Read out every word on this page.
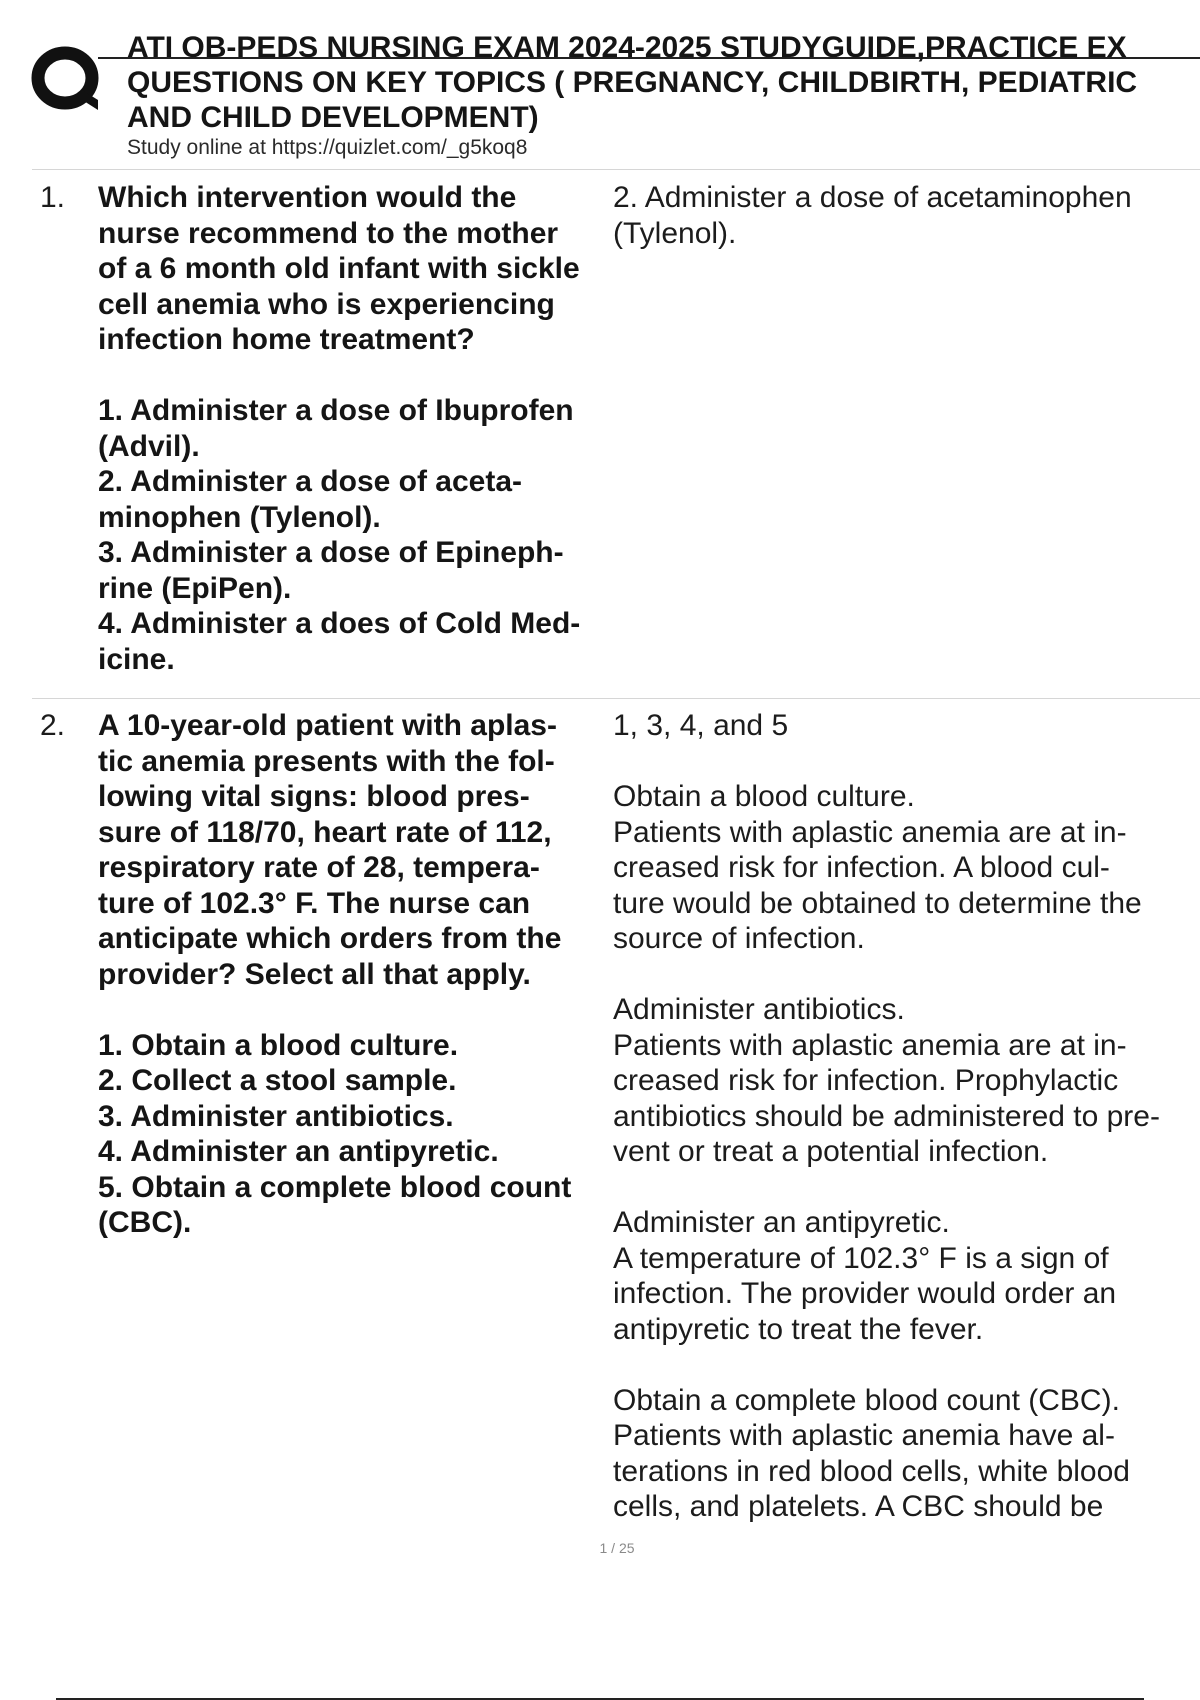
ATI OB-PEDS NURSING EXAM 2024-2025 STUDYGUIDE,PRACTICE EX
QUESTIONS ON KEY TOPICS ( PREGNANCY, CHILDBIRTH, PEDIATRIC
AND CHILD DEVELOPMENT)
Study online at https://quizlet.com/_g5koq8
1. Which intervention would the
nurse recommend to the mother
of a 6 month old infant with sickle
cell anemia who is experiencing
infection home treatment?
1. Administer a dose of Ibuprofen
(Advil).
2. Administer a dose of aceta-
minophen (Tylenol).
3. Administer a dose of Epineph-
rine (EpiPen).
4. Administer a does of Cold Med-
icine.
2. Administer a dose of acetaminophen
(Tylenol).
2. A 10-year-old patient with aplas-
tic anemia presents with the fol-
lowing vital signs: blood pres-
sure of 118/70, heart rate of 112,
respiratory rate of 28, tempera-
ture of 102.3° F. The nurse can
anticipate which orders from the
provider? Select all that apply.
1. Obtain a blood culture.
2. Collect a stool sample.
3. Administer antibiotics.
4. Administer an antipyretic.
5. Obtain a complete blood count
(CBC).
1, 3, 4, and 5
Obtain a blood culture.
Patients with aplastic anemia are at in-
creased risk for infection. A blood cul-
ture would be obtained to determine the
source of infection.
Administer antibiotics.
Patients with aplastic anemia are at in-
creased risk for infection. Prophylactic
antibiotics should be administered to pre-
vent or treat a potential infection.
Administer an antipyretic.
A temperature of 102.3° F is a sign of
infection. The provider would order an
antipyretic to treat the fever.
Obtain a complete blood count (CBC).
Patients with aplastic anemia have al-
terations in red blood cells, white blood
cells, and platelets. A CBC should be
1 / 25
